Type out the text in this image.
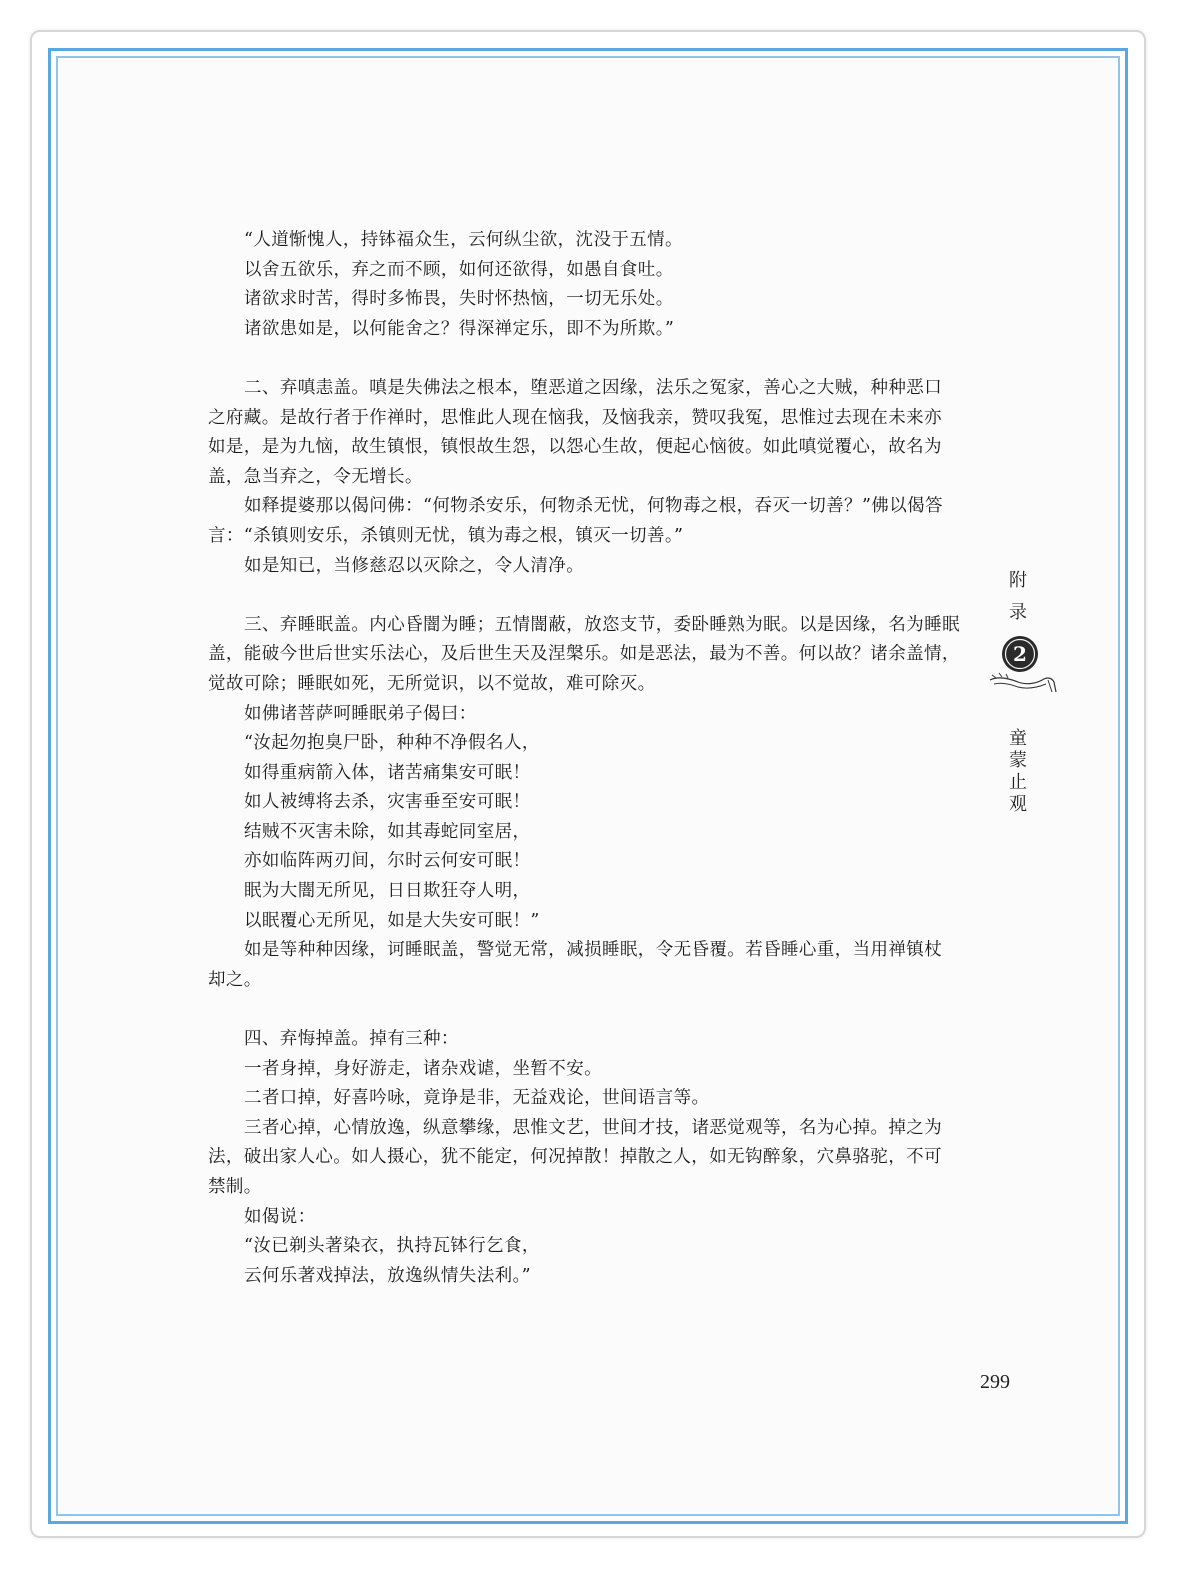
“人道惭愧人，持钵福众生，云何纵尘欲，沈没于五情。
以舍五欲乐，弃之而不顾，如何还欲得，如愚自食吐。
诸欲求时苦，得时多怖畏，失时怀热恼，一切无乐处。
诸欲患如是，以何能舍之？得深禅定乐，即不为所欺。”
二、弃嗔恚盖。嗔是失佛法之根本，堕恶道之因缘，法乐之冤家，善心之大贼，种种恶口
之府藏。是故行者于作禅时，思惟此人现在恼我，及恼我亲，赞叹我冤，思惟过去现在未来亦
如是，是为九恼，故生镇恨，镇恨故生怨，以怨心生故，便起心恼彼。如此嗔觉覆心，故名为
盖，急当弃之，令无增长。
如释提婆那以偈问佛：“何物杀安乐，何物杀无忧，何物毒之根，吞灭一切善？”佛以偈答
言：“杀镇则安乐，杀镇则无忧，镇为毒之根，镇灭一切善。”
如是知已，当修慈忍以灭除之，令人清净。
三、弃睡眠盖。内心昏闇为睡；五情闇蔽，放恣支节，委卧睡熟为眠。以是因缘，名为睡眠
盖，能破今世后世实乐法心，及后世生天及涅槃乐。如是恶法，最为不善。何以故？诸余盖情，
觉故可除；睡眠如死，无所觉识，以不觉故，难可除灭。
如佛诸菩萨呵睡眠弟子偈曰：
“汝起勿抱臭尸卧，种种不净假名人，
如得重病箭入体，诸苦痛集安可眠！
如人被缚将去杀，灾害垂至安可眠！
结贼不灭害未除，如其毒蛇同室居，
亦如临阵两刃间，尔时云何安可眠！
眠为大闇无所见，日日欺狂夺人明，
以眠覆心无所见，如是大失安可眠！”
如是等种种因缘，诃睡眠盖，警觉无常，减损睡眠，令无昏覆。若昏睡心重，当用禅镇杖
却之。
四、弃悔掉盖。掉有三种：
一者身掉，身好游走，诸杂戏谑，坐暂不安。
二者口掉，好喜吟咏，竟诤是非，无益戏论，世间语言等。
三者心掉，心情放逸，纵意攀缘，思惟文艺，世间才技，诸恶觉观等，名为心掉。掉之为
法，破出家人心。如人摄心，犹不能定，何况掉散！掉散之人，如无钩醉象，穴鼻骆驼，不可
禁制。
如偈说：
“汝已剃头著染衣，执持瓦钵行乞食，
云何乐著戏掉法，放逸纵情失法利。”
附
录
2
童
蒙
止
观
299
